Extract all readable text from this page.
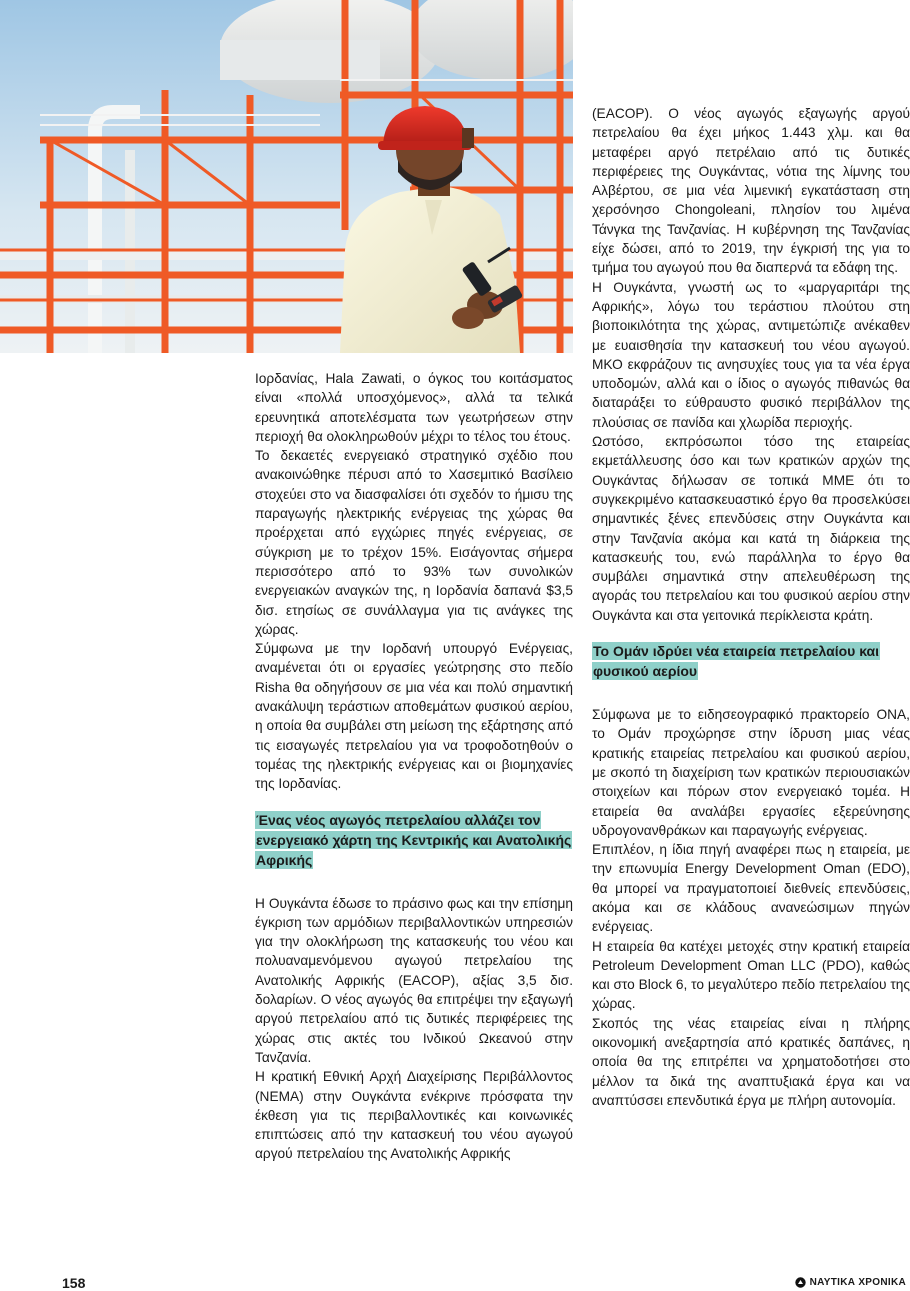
Ιορδανίας, Hala Zawati, ο όγκος του κοιτάσματος είναι «πολλά υποσχόμενος», αλλά τα τελικά ερευνητικά αποτελέσματα των γεωτρήσεων στην περιοχή θα ολοκληρωθούν μέχρι το τέλος του έτους.

Το δεκαετές ενεργειακό στρατηγικό σχέδιο που ανακοινώθηκε πέρυσι από το Χασεμιτικό Βασίλειο στοχεύει στο να διασφαλίσει ότι σχεδόν το ήμισυ της παραγωγής ηλεκτρικής ενέργειας της χώρας θα προέρχεται από εγχώριες πηγές ενέργειας, σε σύγκριση με το τρέχον 15%. Εισάγοντας σήμερα περισσότερο από το 93% των συνολικών ενεργειακών αναγκών της, η Ιορδανία δαπανά $3,5 δισ. ετησίως σε συνάλλαγμα για τις ανάγκες της χώρας.

Σύμφωνα με την Ιορδανή υπουργό Ενέργειας, αναμένεται ότι οι εργασίες γεώτρησης στο πεδίο Risha θα οδηγήσουν σε μια νέα και πολύ σημαντική ανακάλυψη τεράστιων αποθεμάτων φυσικού αερίου, η οποία θα συμβάλει στη μείωση της εξάρτησης από τις εισαγωγές πετρελαίου για να τροφοδοτηθούν ο τομέας της ηλεκτρικής ενέργειας και οι βιομηχανίες της Ιορδανίας.

Ένας νέος αγωγός πετρελαίου αλλάζει τον ενεργειακό χάρτη της Κεντρικής και Ανατολικής Αφρικής

Η Ουγκάντα έδωσε το πράσινο φως και την επίσημη έγκριση των αρμόδιων περιβαλλοντικών υπηρεσιών για την ολοκλήρωση της κατασκευής του νέου και πολυαναμενόμενου αγωγού πετρελαίου της Ανατολικής Αφρικής (EACOP), αξίας 3,5 δισ. δολαρίων. Ο νέος αγωγός θα επιτρέψει την εξαγωγή αργού πετρελαίου από τις δυτικές περιφέρειες της χώρας στις ακτές του Ινδικού Ωκεανού στην Τανζανία.

Η κρατική Εθνική Αρχή Διαχείρισης Περιβάλλοντος (NEMA) στην Ουγκάντα ενέκρινε πρόσφατα την έκθεση για τις περιβαλλοντικές και κοινωνικές επιπτώσεις από την κατασκευή του νέου αγωγού αργού πετρελαίου της Ανατολικής Αφρικής

(EACOP). Ο νέος αγωγός εξαγωγής αργού πετρελαίου θα έχει μήκος 1.443 χλμ. και θα μεταφέρει αργό πετρέλαιο από τις δυτικές περιφέρειες της Ουγκάντας, νότια της λίμνης του Αλβέρτου, σε μια νέα λιμενική εγκατάσταση στη χερσόνησο Chongoleani, πλησίον του λιμένα Τάνγκα της Τανζανίας. Η κυβέρνηση της Τανζανίας είχε δώσει, από το 2019, την έγκρισή της για το τμήμα του αγωγού που θα διαπερνά τα εδάφη της.

Η Ουγκάντα, γνωστή ως το «μαργαριτάρι της Αφρικής», λόγω του τεράστιου πλούτου στη βιοποικιλότητα της χώρας, αντιμετώπιζε ανέκαθεν με ευαισθησία την κατασκευή του νέου αγωγού. ΜΚΟ εκφράζουν τις ανησυχίες τους για τα νέα έργα υποδομών, αλλά και ο ίδιος ο αγωγός πιθανώς θα διαταράξει το εύθραυστο φυσικό περιβάλλον της πλούσιας σε πανίδα και χλωρίδα περιοχής.

Ωστόσο, εκπρόσωποι τόσο της εταιρείας εκμετάλλευσης όσο και των κρατικών αρχών της Ουγκάντας δήλωσαν σε τοπικά ΜΜΕ ότι το συγκεκριμένο κατασκευαστικό έργο θα προσελκύσει σημαντικές ξένες επενδύσεις στην Ουγκάντα και στην Τανζανία ακόμα και κατά τη διάρκεια της κατασκευής του, ενώ παράλληλα το έργο θα συμβάλει σημαντικά στην απελευθέρωση της αγοράς του πετρελαίου και του φυσικού αερίου στην Ουγκάντα και στα γειτονικά περίκλειστα κράτη.

Το Ομάν ιδρύει νέα εταιρεία πετρελαίου και φυσικού αερίου

Σύμφωνα με το ειδησεογραφικό πρακτορείο ΟΝΑ, το Ομάν προχώρησε στην ίδρυση μιας νέας κρατικής εταιρείας πετρελαίου και φυσικού αερίου, με σκοπό τη διαχείριση των κρατικών περιουσιακών στοιχείων και πόρων στον ενεργειακό τομέα. Η εταιρεία θα αναλάβει εργασίες εξερεύνησης υδρογονανθράκων και παραγωγής ενέργειας.

Επιπλέον, η ίδια πηγή αναφέρει πως η εταιρεία, με την επωνυμία Energy Development Oman (EDO), θα μπορεί να πραγματοποιεί διεθνείς επενδύσεις, ακόμα και σε κλάδους ανανεώσιμων πηγών ενέργειας.

Η εταιρεία θα κατέχει μετοχές στην κρατική εταιρεία Petroleum Development Oman LLC (PDO), καθώς και στο Block 6, το μεγαλύτερο πεδίο πετρελαίου της χώρας.

Σκοπός της νέας εταιρείας είναι η πλήρης οικονομική ανεξαρτησία από κρατικές δαπάνες, η οποία θα της επιτρέπει να χρηματοδοτήσει στο μέλλον τα δικά της αναπτυξιακά έργα και να αναπτύσσει επενδυτικά έργα με πλήρη αυτονομία.

158	ΝΑΥΤΙΚΑ ΧΡΟΝΙΚΑ
